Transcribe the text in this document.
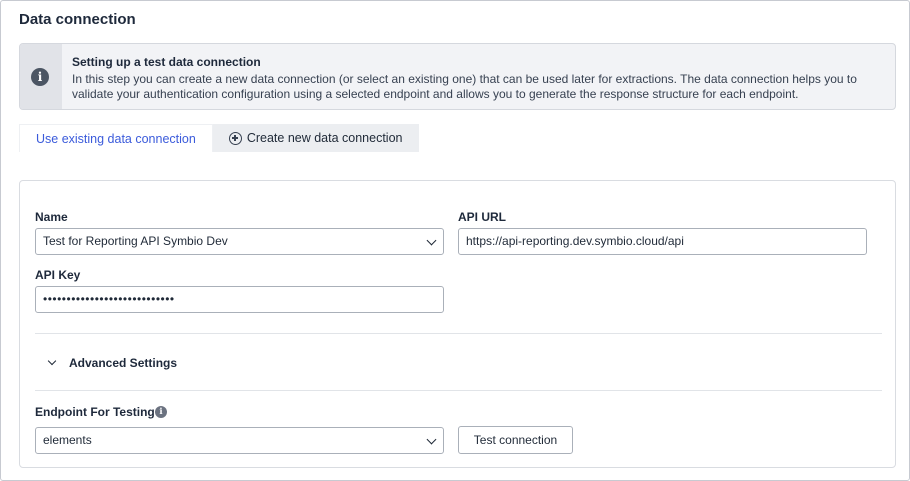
Data connection
i
Setting up a test data connection
In this step you can create a new data connection (or select an existing one) that can be used later for extractions. The data connection helps you to validate your authentication configuration using a selected endpoint and allows you to generate the response structure for each endpoint.
Use existing data connection	Create new data connection
Name
Test for Reporting API Symbio Dev
API URL
https://api-reporting.dev.symbio.cloud/api
API Key
••••••••••••••••••••••••••••
Advanced Settings
Endpoint For Testing i
elements	Test connection
